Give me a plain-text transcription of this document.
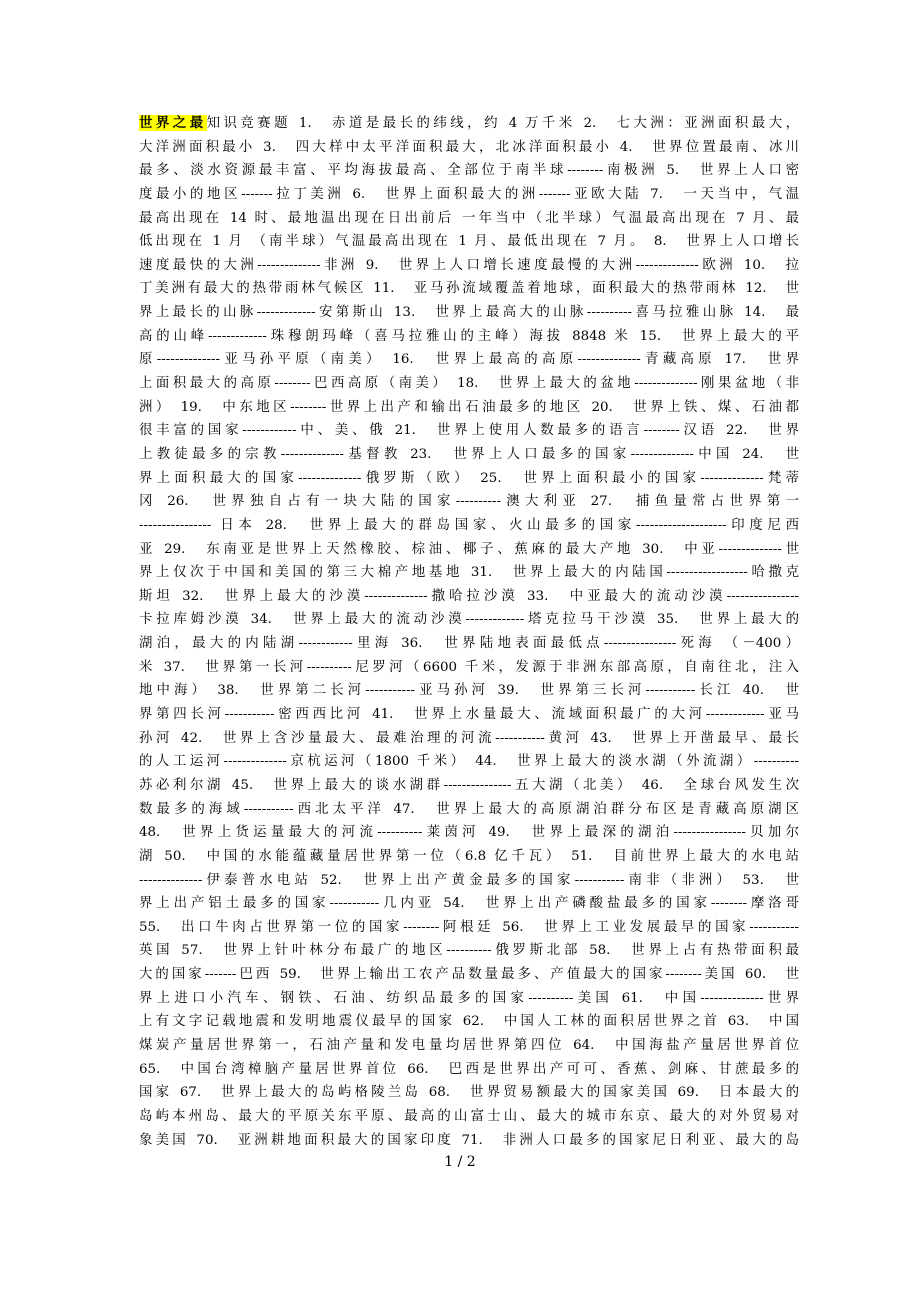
世界之最知识竞赛题 1.　赤道是最长的纬线，约 4 万千米 2.　七大洲：亚洲面积最大，
大洋洲面积最小 3.　四大样中太平洋面积最大，北冰洋面积最小 4.　世界位置最南、冰川
最多、淡水资源最丰富、平均海拔最高、全部位于南半球--------南极洲 5.　世界上人口密
度最小的地区-------拉丁美洲 6.　世界上面积最大的洲-------亚欧大陆 7.　一天当中，气温
最高出现在 14 时、最地温出现在日出前后 一年当中（北半球）气温最高出现在 7 月、最
低出现在 1 月 （南半球）气温最高出现在 1 月、最低出现在 7 月。 8.　世界上人口增长
速度最快的大洲--------------非洲 9.　世界上人口增长速度最慢的大洲--------------欧洲 10.　拉
丁美洲有最大的热带雨林气候区 11.　亚马孙流域覆盖着地球，面积最大的热带雨林 12.　世
界上最长的山脉-------------安第斯山 13.　世界上最高大的山脉----------喜马拉雅山脉 14.　最
高的山峰-------------珠穆朗玛峰（喜马拉雅山的主峰）海拔 8848 米 15.　世界上最大的平
原--------------亚马孙平原（南美） 16.　世界上最高的高原--------------青藏高原 17.　世界
上面积最大的高原--------巴西高原（南美） 18.　世界上最大的盆地--------------刚果盆地（非
洲） 19.　中东地区--------世界上出产和输出石油最多的地区 20.　世界上铁、煤、石油都
很丰富的国家------------中、美、俄 21.　世界上使用人数最多的语言--------汉语 22.　世界
上教徒最多的宗教--------------基督教 23.　世界上人口最多的国家--------------中国 24.　世
界上面积最大的国家--------------俄罗斯（欧） 25.　世界上面积最小的国家--------------梵蒂
冈 26.　世界独自占有一块大陆的国家----------澳大利亚 27.　捕鱼量常占世界第一
---------------- 日本 28.　世界上最大的群岛国家、火山最多的国家--------------------印度尼西
亚 29.　东南亚是世界上天然橡胶、棕油、椰子、蕉麻的最大产地 30.　中亚--------------世
界上仅次于中国和美国的第三大棉产地基地 31.　世界上最大的内陆国------------------哈撒克
斯坦 32.　世界上最大的沙漠--------------撒哈拉沙漠 33.　中亚最大的流动沙漠----------------
卡拉库姆沙漠 34.　世界上最大的流动沙漠-------------塔克拉马干沙漠 35.　世界上最大的
湖泊，最大的内陆湖------------里海 36.　世界陆地表面最低点----------------死海 （－400）
米 37.　世界第一长河----------尼罗河（6600 千米，发源于非洲东部高原，自南往北，注入
地中海） 38.　世界第二长河-----------亚马孙河 39.　世界第三长河-----------长江 40.　世
界第四长河-----------密西西比河 41.　世界上水量最大、流域面积最广的大河-------------亚马
孙河 42.　世界上含沙量最大、最难治理的河流-----------黄河 43.　世界上开凿最早、最长
的人工运河--------------京杭运河（1800 千米） 44.　世界上最大的淡水湖（外流湖）----------
苏必利尔湖 45.　世界上最大的谈水湖群---------------五大湖（北美） 46.　全球台风发生次
数最多的海域-----------西北太平洋 47.　世界上最大的高原湖泊群分布区是青藏高原湖区
48.　世界上货运量最大的河流----------莱茵河 49.　世界上最深的湖泊----------------贝加尔
湖 50.　中国的水能蕴藏量居世界第一位（6.8 亿千瓦） 51.　目前世界上最大的水电站
--------------伊泰普水电站 52.　世界上出产黄金最多的国家-----------南非（非洲） 53.　世
界上出产铝土最多的国家-----------几内亚 54.　世界上出产磷酸盐最多的国家--------摩洛哥
55.　出口牛肉占世界第一位的国家--------阿根廷 56.　世界上工业发展最早的国家-----------
英国 57.　世界上针叶林分布最广的地区----------俄罗斯北部 58.　世界上占有热带面积最
大的国家-------巴西 59.　世界上输出工农产品数量最多、产值最大的国家--------美国 60.　世
界上进口小汽车、钢铁、石油、纺织品最多的国家----------美国 61.　中国--------------世界
上有文字记载地震和发明地震仪最早的国家 62.　中国人工林的面积居世界之首 63.　中国
煤炭产量居世界第一，石油产量和发电量均居世界第四位 64.　中国海盐产量居世界首位
65.　中国台湾樟脑产量居世界首位 66.　巴西是世界出产可可、香蕉、剑麻、甘蔗最多的
国家 67.　世界上最大的岛屿格陵兰岛 68.　世界贸易额最大的国家美国 69.　日本最大的
岛屿本州岛、最大的平原关东平原、最高的山富士山、最大的城市东京、最大的对外贸易对
象美国 70.　亚洲耕地面积最大的国家印度 71.　非洲人口最多的国家尼日利亚、最大的岛
1 / 2
